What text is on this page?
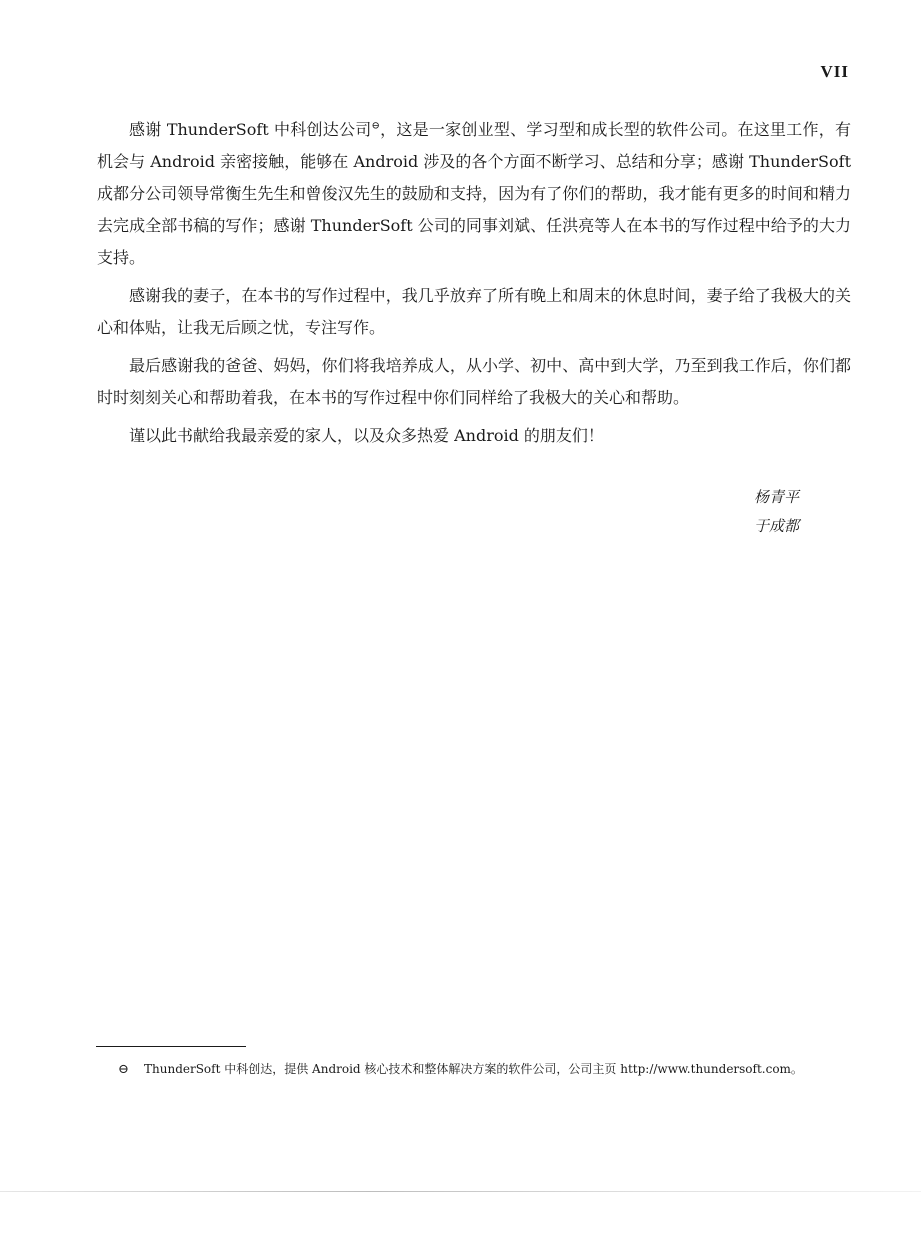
VII

感谢 ThunderSoft 中科创达公司⊖，这是一家创业型、学习型和成长型的软件公司。在这里工作，有机会与 Android 亲密接触，能够在 Android 涉及的各个方面不断学习、总结和分享；感谢 ThunderSoft 成都分公司领导常衡生先生和曾俊汉先生的鼓励和支持，因为有了你们的帮助，我才能有更多的时间和精力去完成全部书稿的写作；感谢 ThunderSoft 公司的同事刘斌、任洪亮等人在本书的写作过程中给予的大力支持。

感谢我的妻子，在本书的写作过程中，我几乎放弃了所有晚上和周末的休息时间，妻子给了我极大的关心和体贴，让我无后顾之忧，专注写作。

最后感谢我的爸爸、妈妈，你们将我培养成人，从小学、初中、高中到大学，乃至到我工作后，你们都时时刻刻关心和帮助着我，在本书的写作过程中你们同样给了我极大的关心和帮助。

谨以此书献给我最亲爱的家人，以及众多热爱 Android 的朋友们！

杨青平
于成都
⊖ ThunderSoft 中科创达，提供 Android 核心技术和整体解决方案的软件公司，公司主页 http://www.thundersoft.com。
